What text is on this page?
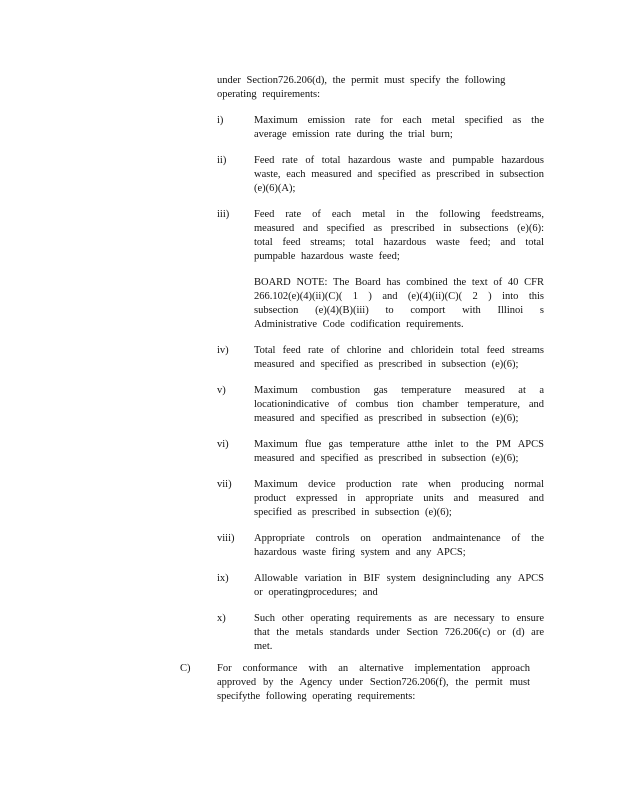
under Section726.206(d), the permit must specify the following operating requirements:
i)	Maximum emission rate for each metal specified as the average emission rate during the trial burn;
ii)	Feed rate of total hazardous waste and pumpable hazardous waste, each measured and specified as prescribed in subsection (e)(6)(A);
iii)	Feed rate of each metal in the following feedstreams, measured and specified as prescribed in subsections (e)(6): total feed streams; total hazardous waste feed; and total pumpable hazardous waste feed;
BOARD NOTE: The Board has combined the text of 40 CFR 266.102(e)(4)(ii)(C)( 1 ) and (e)(4)(ii)(C)( 2 ) into this subsection (e)(4)(B)(iii) to comport with Illinoi s Administrative Code codification requirements.
iv)	Total feed rate of chlorine and chloridein total feed streams measured and specified as prescribed in subsection (e)(6);
v)	Maximum combustion gas temperature measured at a locationindicative of combus tion chamber temperature, and measured and specified as prescribed in subsection (e)(6);
vi)	Maximum flue gas temperature atthe inlet to the PM APCS measured and specified as prescribed in subsection (e)(6);
vii)	Maximum device production rate when producing normal product expressed in appropriate units and measured and specified as prescribed in subsection (e)(6);
viii)	Appropriate controls on operation andmaintenance of the hazardous waste firing system and any APCS;
ix)	Allowable variation in BIF system designincluding any APCS or operatingprocedures; and
x)	Such other operating requirements as are necessary to ensure that the metals standards under Section 726.206(c) or (d) are met.
C)	For conformance with an alternative implementation approach approved by the Agency under Section726.206(f), the permit must specifythe following operating requirements:
